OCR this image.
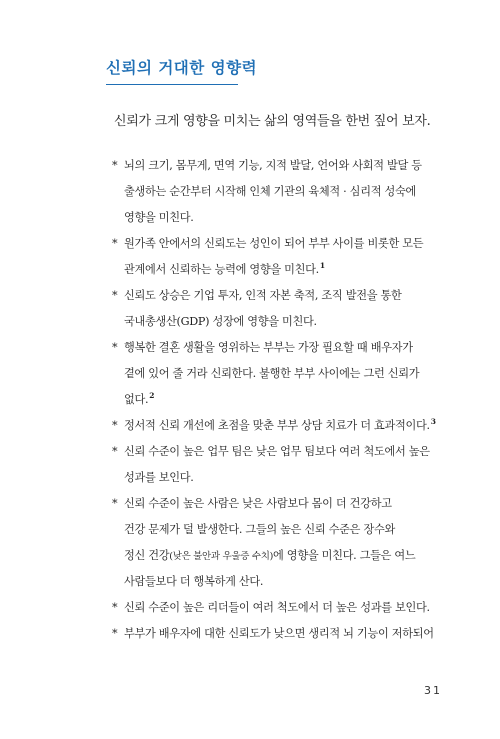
신뢰의 거대한 영향력
신뢰가 크게 영향을 미치는 삶의 영역들을 한번 짚어 보자.
* 뇌의 크기, 몸무게, 면역 기능, 지적 발달, 언어와 사회적 발달 등
출생하는 순간부터 시작해 인체 기관의 육체적 · 심리적 성숙에
영향을 미친다.
* 원가족 안에서의 신뢰도는 성인이 되어 부부 사이를 비롯한 모든
관계에서 신뢰하는 능력에 영향을 미친다.$^1$
* 신뢰도 상승은 기업 투자, 인적 자본 축적, 조직 발전을 통한
국내총생산(GDP) 성장에 영향을 미친다.
* 행복한 결혼 생활을 영위하는 부부는 가장 필요할 때 배우자가
곁에 있어 줄 거라 신뢰한다. 불행한 부부 사이에는 그런 신뢰가
없다.$^2$
* 정서적 신뢰 개선에 초점을 맞춘 부부 상담 치료가 더 효과적이다.$^3$
* 신뢰 수준이 높은 업무 팀은 낮은 업무 팀보다 여러 척도에서 높은
성과를 보인다.
* 신뢰 수준이 높은 사람은 낮은 사람보다 몸이 더 건강하고
건강 문제가 덜 발생한다. 그들의 높은 신뢰 수준은 장수와
정신 건강(낮은 불안과 우울증 수치)에 영향을 미친다. 그들은 여느
사람들보다 더 행복하게 산다.
* 신뢰 수준이 높은 리더들이 여러 척도에서 더 높은 성과를 보인다.
* 부부가 배우자에 대한 신뢰도가 낮으면 생리적 뇌 기능이 저하되어
31
